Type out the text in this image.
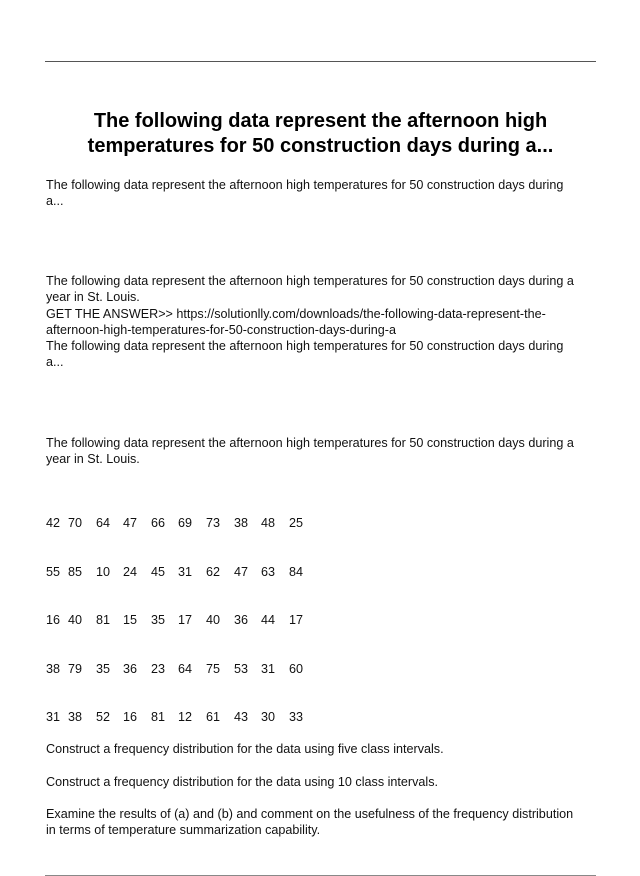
The following data represent the afternoon high temperatures for 50 construction days during a...

The following data represent the afternoon high temperatures for 50 construction days during
a...

The following data represent the afternoon high temperatures for 50 construction days during a
year in St. Louis.
GET THE ANSWER>> https://solutionlly.com/downloads/the-following-data-represent-the-
afternoon-high-temperatures-for-50-construction-days-during-a
The following data represent the afternoon high temperatures for 50 construction days during
a...

The following data represent the afternoon high temperatures for 50 construction days during a
year in St. Louis.

42 70 64 47 66 69 73 38 48 25
55 85 10 24 45 31 62 47 63 84
16 40 81 15 35 17 40 36 44 17
38 79 35 36 23 64 75 53 31 60
31 38 52 16 81 12 61 43 30 33

Construct a frequency distribution for the data using five class intervals.

Construct a frequency distribution for the data using 10 class intervals.

Examine the results of (a) and (b) and comment on the usefulness of the frequency distribution
in terms of temperature summarization capability.
